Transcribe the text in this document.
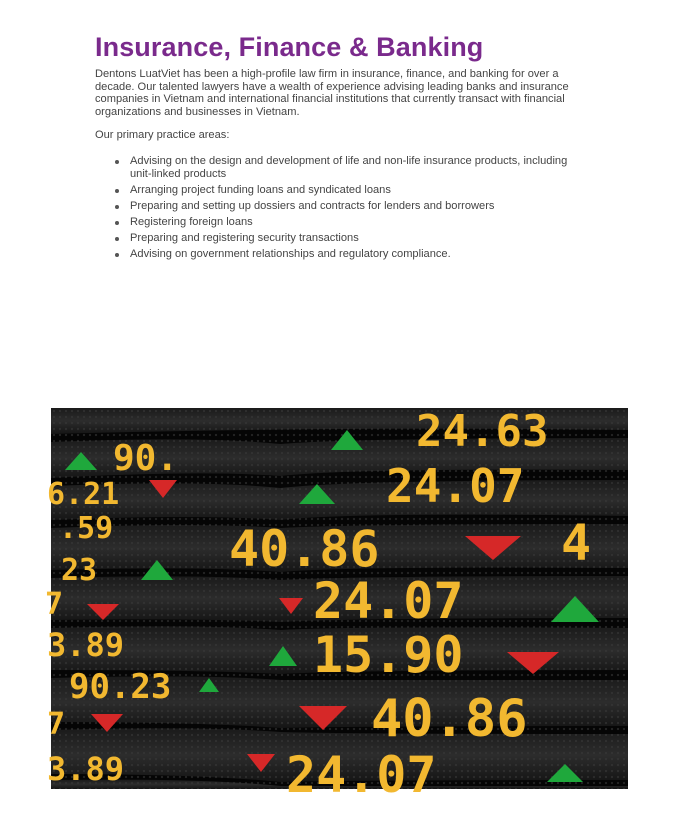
Insurance, Finance & Banking

Dentons LuatViet has been a high-profile law firm in insurance, finance, and banking for over a decade. Our talented lawyers have a wealth of experience advising leading banks and insurance companies in Vietnam and international financial institutions that currently transact with financial organizations and businesses in Vietnam.

Our primary practice areas:

Advising on the design and development of life and non-life insurance products, including unit-linked products
Arranging project funding loans and syndicated loans
Preparing and setting up dossiers and contracts for lenders and borrowers
Registering foreign loans
Preparing and registering security transactions
Advising on government relationships and regulatory compliance.
90.
24.63
6.21	24.07
.59 40.86
23	4
7	24.07
3.89	15.90
90.23
7	40.86
3.89	24.07
